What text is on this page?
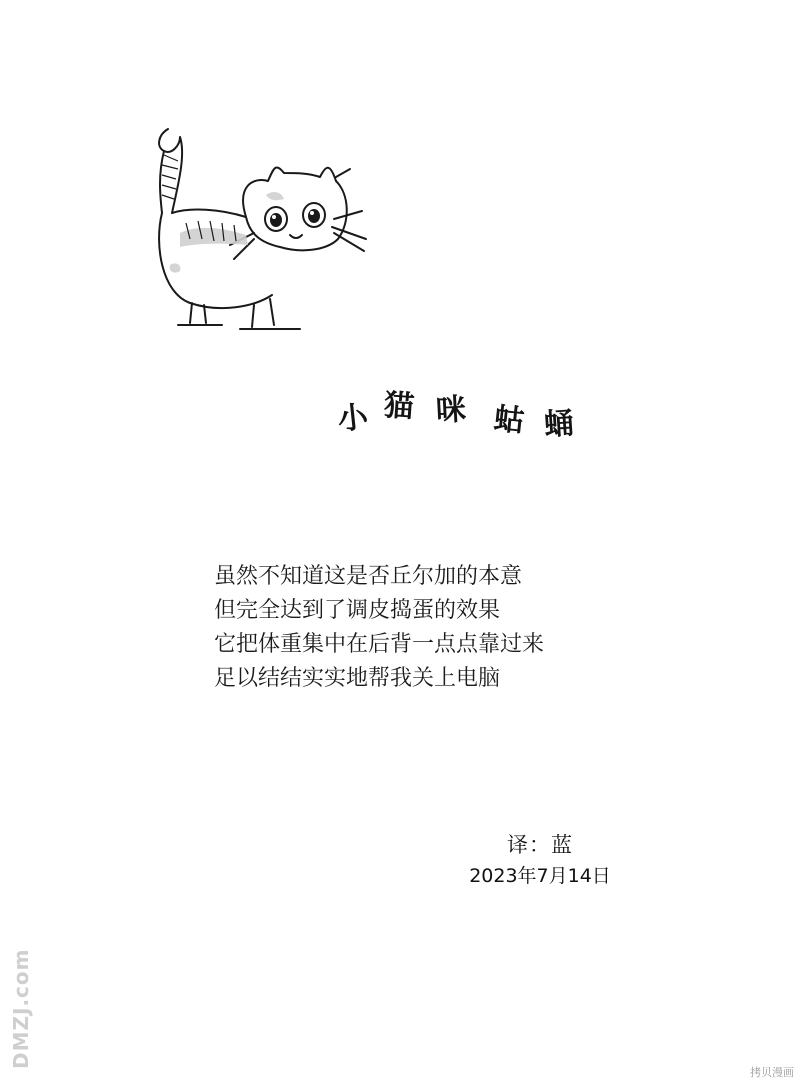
小 猫 咪 蛄 蛹
虽然不知道这是否丘尔加的本意
但完全达到了调皮捣蛋的效果
它把体重集中在后背一点点靠过来
足以结结实实地帮我关上电脑
译：蓝
2023年7月14日
DMZJ.com
拷贝漫画
